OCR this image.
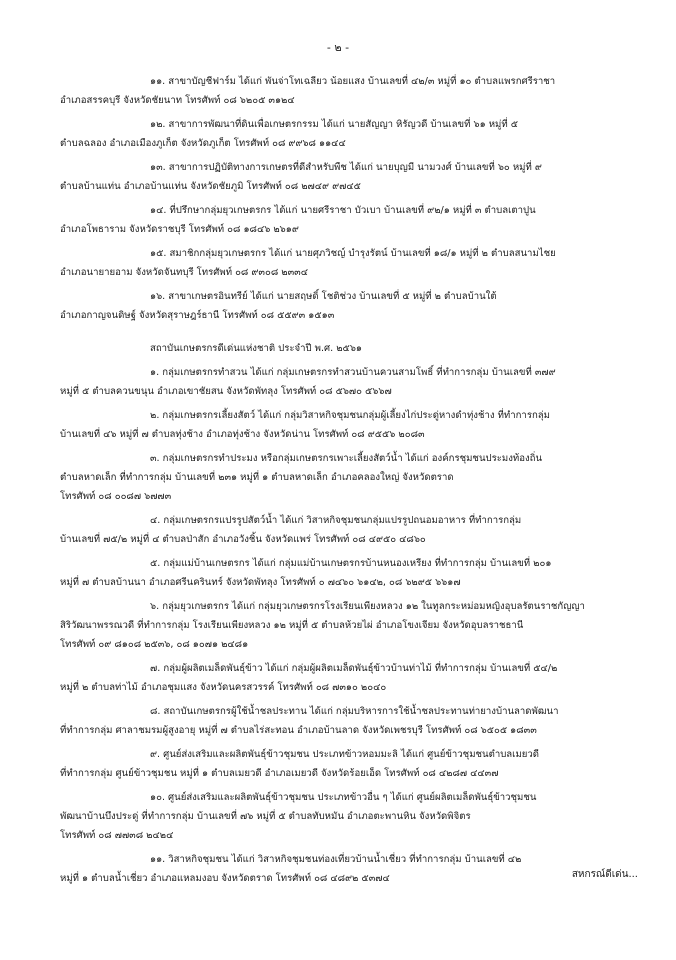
- ๒ -
๑๑. สาขาบัญชีฟาร์ม ได้แก่ พันจ่าโทเฉลียว น้อยแสง บ้านเลขที่ ๔๒/๓ หมู่ที่ ๑๐ ตำบลแพรกศรีราชา
อำเภอสรรคบุรี จังหวัดชัยนาท โทรศัพท์ ๐๘ ๖๒๐๕ ๓๑๒๔
๑๒. สาขาการพัฒนาที่ดินเพื่อเกษตรกรรม ได้แก่ นายสัญญา หิรัญวดี บ้านเลขที่ ๖๑ หมู่ที่ ๕
ตำบลฉลอง อำเภอเมืองภูเก็ต จังหวัดภูเก็ต โทรศัพท์ ๐๘ ๙๙๖๘ ๑๑๔๔
๑๓. สาขาการปฏิบัติทางการเกษตรที่ดีสำหรับพืช ได้แก่ นายบุญมี นามวงศ์ บ้านเลขที่ ๖๐ หมู่ที่ ๙
ตำบลบ้านแท่น อำเภอบ้านแท่น จังหวัดชัยภูมิ โทรศัพท์ ๐๘ ๒๗๔๙ ๙๗๔๕
๑๔. ที่ปรึกษากลุ่มยุวเกษตรกร ได้แก่ นายศรีราชา บัวเบา บ้านเลขที่ ๙๒/๑ หมู่ที่ ๓ ตำบลเตาปูน
อำเภอโพธาราม จังหวัดราชบุรี โทรศัพท์ ๐๘ ๑๘๔๖ ๒๖๑๙
๑๕. สมาชิกกลุ่มยุวเกษตรกร ได้แก่ นายศุภวิชญ์ บำรุงรัตน์ บ้านเลขที่ ๑๘/๑ หมู่ที่ ๒ ตำบลสนามไชย
อำเภอนายายอาม จังหวัดจันทบุรี โทรศัพท์ ๐๘ ๙๓๐๘ ๒๓๓๔
๑๖. สาขาเกษตรอินทรีย์ ได้แก่ นายสฤษดิ์ โชติช่วง บ้านเลขที่ ๕ หมู่ที่ ๒ ตำบลบ้านใต้
อำเภอกาญจนดิษฐ์ จังหวัดสุราษฎร์ธานี โทรศัพท์ ๐๘ ๕๕๙๓ ๑๕๑๓
สถาบันเกษตรกรดีเด่นแห่งชาติ ประจำปี พ.ศ. ๒๕๖๑
๑. กลุ่มเกษตรกรทำสวน ได้แก่ กลุ่มเกษตรกรทำสวนบ้านควนสามโพธิ์ ที่ทำการกลุ่ม บ้านเลขที่ ๓๗๙
หมู่ที่ ๕ ตำบลควนขนุน อำเภอเขาชัยสน จังหวัดพัทลุง โทรศัพท์ ๐๘ ๕๖๗๐ ๕๖๖๗
๒. กลุ่มเกษตรกรเลี้ยงสัตว์ ได้แก่ กลุ่มวิสาหกิจชุมชนกลุ่มผู้เลี้ยงไก่ประดู่หางดำทุ่งช้าง ที่ทำการกลุ่ม
บ้านเลขที่ ๔๖ หมู่ที่ ๗ ตำบลทุ่งช้าง อำเภอทุ่งช้าง จังหวัดน่าน โทรศัพท์ ๐๘ ๙๕๕๖ ๒๐๘๓
๓. กลุ่มเกษตรกรทำประมง หรือกลุ่มเกษตรกรเพาะเลี้ยงสัตว์น้ำ ได้แก่ องค์กรชุมชนประมงท้องถิ่น
ตำบลหาดเล็ก ที่ทำการกลุ่ม บ้านเลขที่ ๒๓๑ หมู่ที่ ๑ ตำบลหาดเล็ก อำเภอคลองใหญ่ จังหวัดตราด
โทรศัพท์ ๐๘ ๐๐๘๗ ๖๗๗๓
๔. กลุ่มเกษตรกรแปรรูปสัตว์น้ำ ได้แก่ วิสาหกิจชุมชนกลุ่มแปรรูปถนอมอาหาร ที่ทำการกลุ่ม
บ้านเลขที่ ๗๕/๒ หมู่ที่ ๔ ตำบลป่าสัก อำเภอวังชิ้น จังหวัดแพร่ โทรศัพท์ ๐๘ ๔๙๕๐ ๔๘๖๐
๕. กลุ่มแม่บ้านเกษตรกร ได้แก่ กลุ่มแม่บ้านเกษตรกรบ้านหนองเหรียง ที่ทำการกลุ่ม บ้านเลขที่ ๒๐๑
หมู่ที่ ๗ ตำบลบ้านนา อำเภอศรีนครินทร์ จังหวัดพัทลุง โทรศัพท์ ๐ ๗๔๖๐ ๖๑๔๒, ๐๘ ๖๒๙๕ ๖๖๑๗
๖. กลุ่มยุวเกษตรกร ได้แก่ กลุ่มยุวเกษตรกรโรงเรียนเพียงหลวง ๑๒ ในทูลกระหม่อมหญิงอุบลรัตนราชกัญญา
สิริวัฒนาพรรณวดี ที่ทำการกลุ่ม โรงเรียนเพียงหลวง ๑๒ หมู่ที่ ๕ ตำบลห้วยไผ่ อำเภอโขงเจียม จังหวัดอุบลราชธานี
โทรศัพท์ ๐๙ ๘๑๐๘ ๒๕๓๖, ๐๘ ๑๐๗๑ ๒๔๘๑
๗. กลุ่มผู้ผลิตเมล็ดพันธุ์ข้าว ได้แก่ กลุ่มผู้ผลิตเมล็ดพันธุ์ข้าวบ้านท่าไม้ ที่ทำการกลุ่ม บ้านเลขที่ ๕๔/๒
หมู่ที่ ๒ ตำบลท่าไม้ อำเภอชุมแสง จังหวัดนครสวรรค์ โทรศัพท์ ๐๘ ๗๓๑๐ ๒๐๔๐
๘. สถาบันเกษตรกรผู้ใช้น้ำชลประทาน ได้แก่ กลุ่มบริหารการใช้น้ำชลประทานท่ายางบ้านลาดพัฒนา
ที่ทำการกลุ่ม ศาลาชมรมผู้สูงอายุ หมู่ที่ ๗ ตำบลไร่สะทอน อำเภอบ้านลาด จังหวัดเพชรบุรี โทรศัพท์ ๐๘ ๖๕๐๕ ๑๘๓๓
๙. ศูนย์ส่งเสริมและผลิตพันธุ์ข้าวชุมชน ประเภทข้าวหอมมะลิ ได้แก่ ศูนย์ข้าวชุมชนตำบลเมยวดี
ที่ทำการกลุ่ม ศูนย์ข้าวชุมชน หมู่ที่ ๑ ตำบลเมยวดี อำเภอเมยวดี จังหวัดร้อยเอ็ด โทรศัพท์ ๐๘ ๔๒๘๗ ๔๔๓๗
๑๐. ศูนย์ส่งเสริมและผลิตพันธุ์ข้าวชุมชน ประเภทข้าวอื่น ๆ ได้แก่ ศูนย์ผลิตเมล็ดพันธุ์ข้าวชุมชน
พัฒนาบ้านบึงประดู่ ที่ทำการกลุ่ม บ้านเลขที่ ๗๖ หมู่ที่ ๕ ตำบลทับหมัน อำเภอตะพานหิน จังหวัดพิจิตร
โทรศัพท์ ๐๘ ๗๗๓๘ ๒๔๒๔
๑๑. วิสาหกิจชุมชน ได้แก่ วิสาหกิจชุมชนท่องเที่ยวบ้านน้ำเชี่ยว ที่ทำการกลุ่ม บ้านเลขที่ ๔๒
หมู่ที่ ๑ ตำบลน้ำเชี่ยว อำเภอแหลมงอบ จังหวัดตราด โทรศัพท์ ๐๘ ๔๘๙๒ ๕๓๗๔	สหกรณ์ดีเด่น...
